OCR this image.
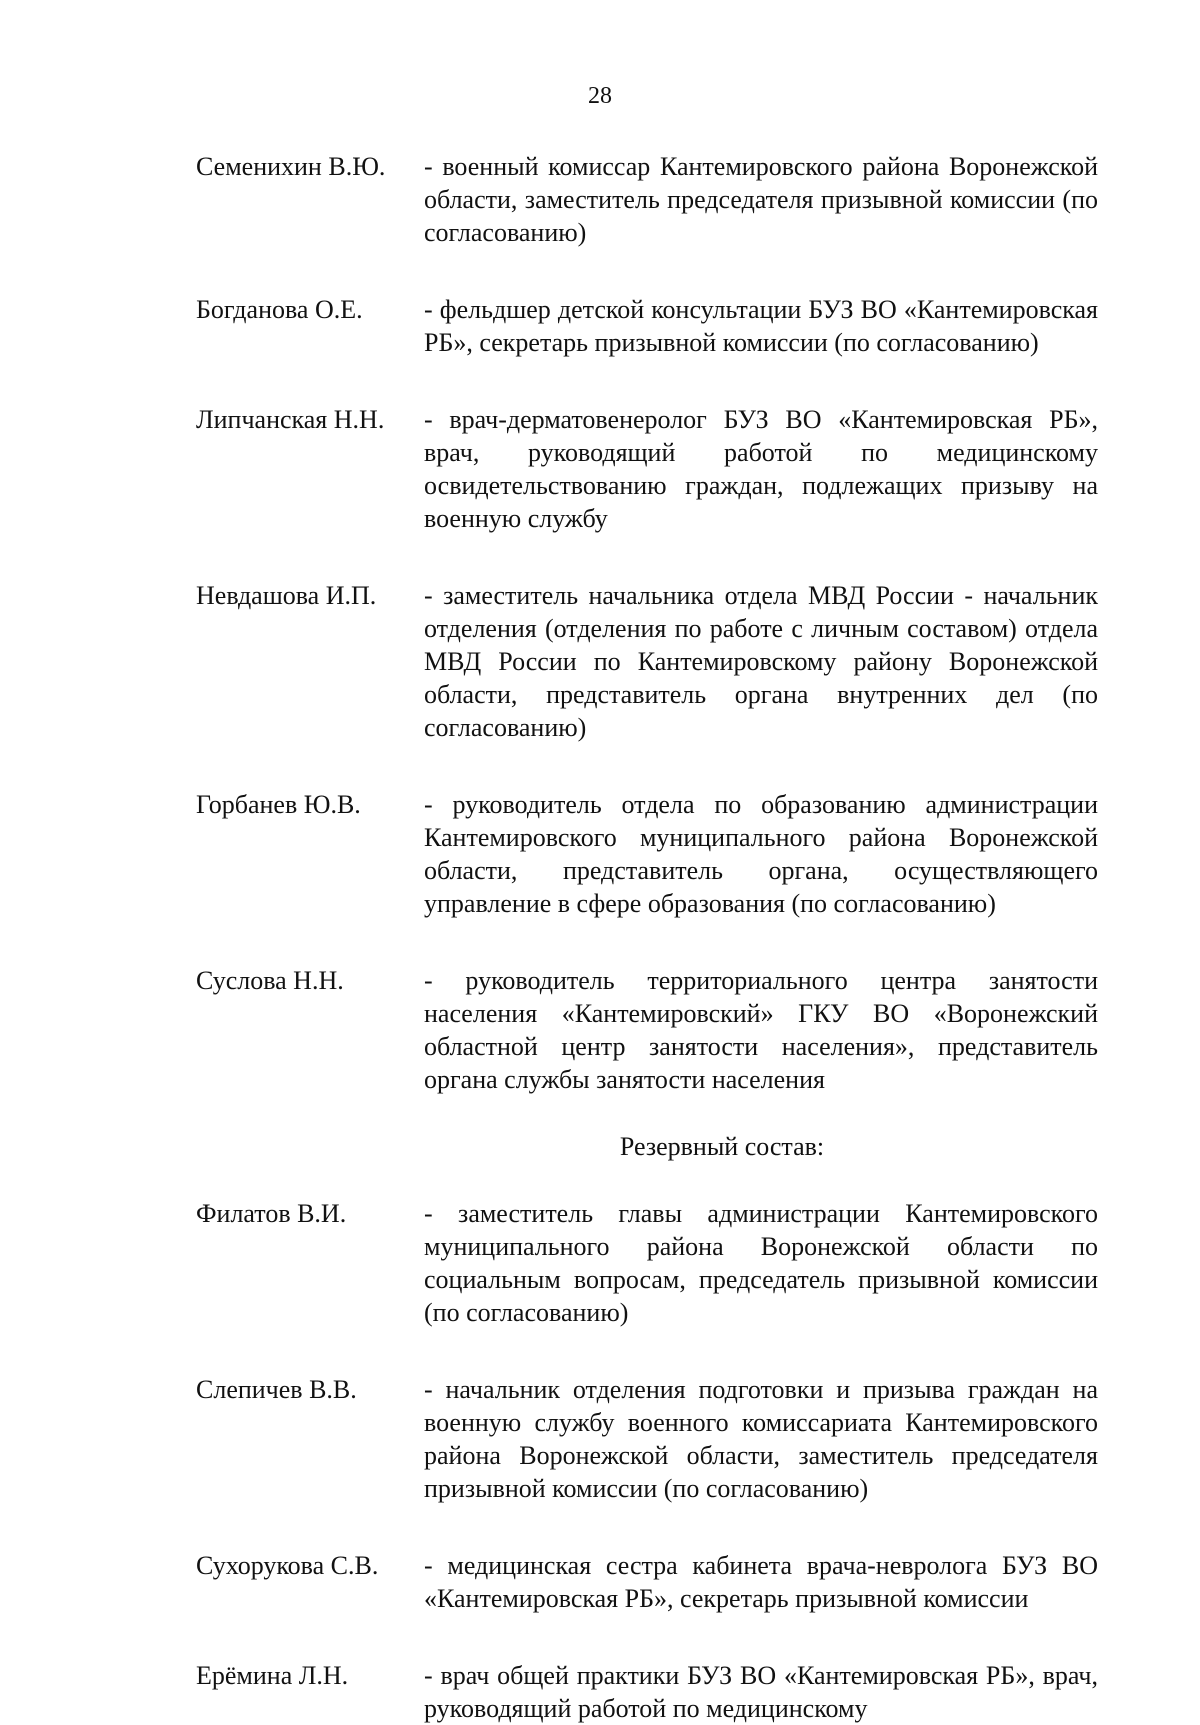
28
Семенихин В.Ю.	- военный комиссар Кантемировского района Воронежской области, заместитель председателя призывной комиссии (по согласованию)
Богданова О.Е.	- фельдшер детской консультации БУЗ ВО «Кантемировская РБ», секретарь призывной комиссии (по согласованию)
Липчанская Н.Н.	- врач-дерматовенеролог БУЗ ВО «Кантемировская РБ», врач, руководящий работой по медицинскому освидетельствованию граждан, подлежащих призыву на военную службу
Невдашова И.П.	- заместитель начальника отдела МВД России - начальник отделения (отделения по работе с личным составом) отдела МВД России по Кантемировскому району Воронежской области, представитель органа внутренних дел (по согласованию)
Горбанев Ю.В.	- руководитель отдела по образованию администрации Кантемировского муниципального района Воронежской области, представитель органа, осуществляющего управление в сфере образования (по согласованию)
Суслова Н.Н.	- руководитель территориального центра занятости населения «Кантемировский» ГКУ ВО «Воронежский областной центр занятости населения», представитель органа службы занятости населения
Резервный состав:
Филатов В.И.	- заместитель главы администрации Кантемировского муниципального района Воронежской области по социальным вопросам, председатель призывной комиссии (по согласованию)
Слепичев В.В.	- начальник отделения подготовки и призыва граждан на военную службу военного комиссариата Кантемировского района Воронежской области, заместитель председателя призывной комиссии (по согласованию)
Сухорукова С.В.	- медицинская сестра кабинета врача-невролога БУЗ ВО «Кантемировская РБ», секретарь призывной комиссии
Ерёмина Л.Н.	- врач общей практики БУЗ ВО «Кантемировская РБ», врач, руководящий работой по медицинскому
